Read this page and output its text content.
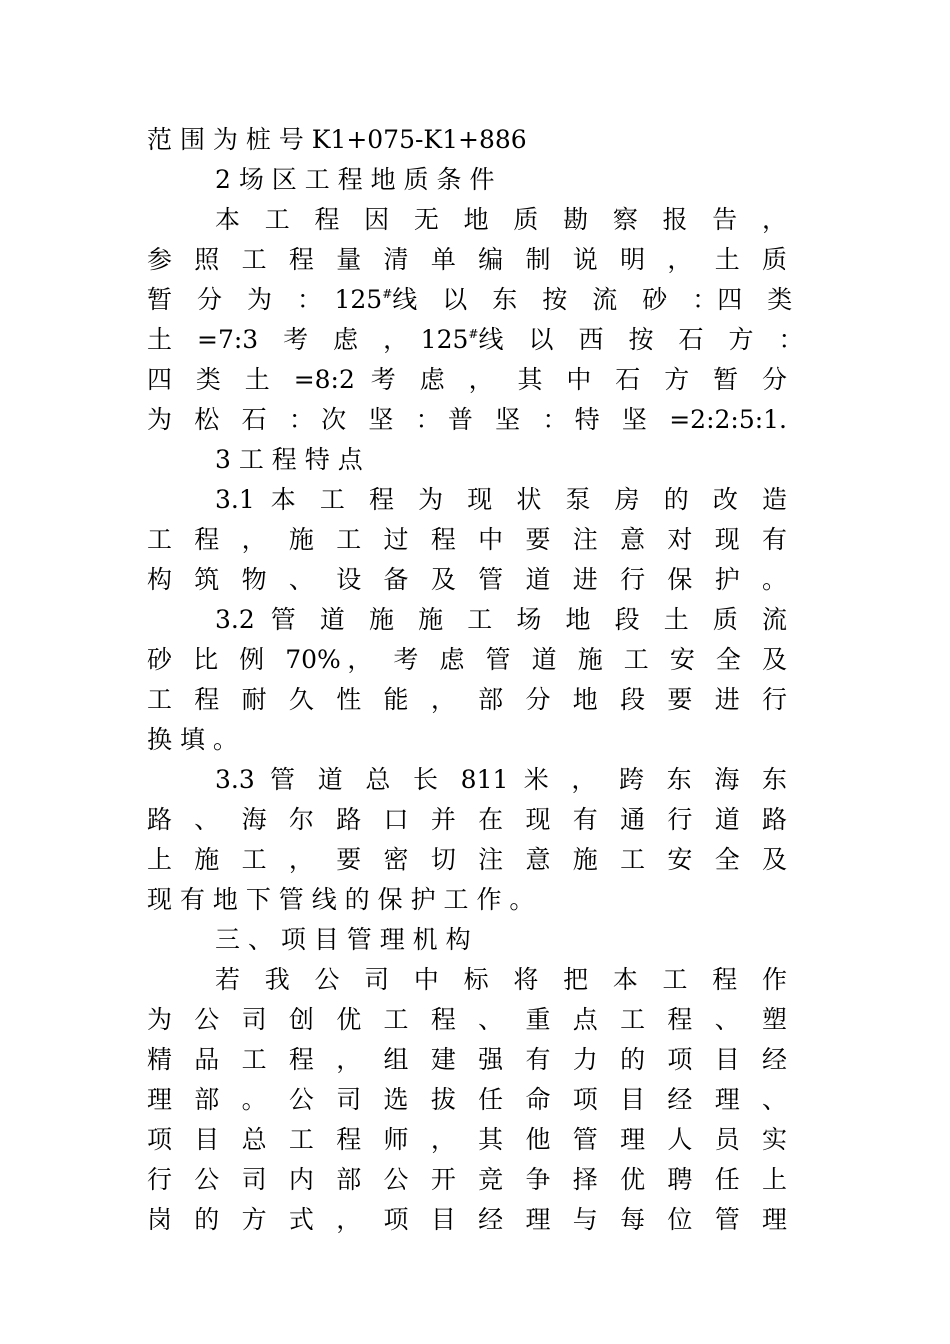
范 围 为 桩 号 K1+075-K1+886
2 场 区 工 程 地 质 条 件
本 工 程 因 无 地 质 勘 察 报 告 ，
参 照 工 程 量 清 单 编 制 说 明 ， 土 质
暂　分　为　：　125#线　以　东　按　流　砂　：四　类
土　=7:3　考　虑　，　125#线　以　西　按　石　方　：
四 类 土 =8:2 考 虑 ， 其 中 石 方 暂 分
为 松 石 ：次 坚 ：普 坚 ：特 坚 =2:2:5:1.
3 工 程 特 点
3.1 本 工 程 为 现 状 泵 房 的 改 造
工 程 ， 施 工 过 程 中 要 注 意 对 现 有
构 筑 物 、 设 备 及 管 道 进 行 保 护 。
3.2 管 道 施 施 工 场 地 段 土 质 流
砂 比 例 70%， 考 虑 管 道 施 工 安 全 及
工 程 耐 久 性 能 ， 部 分 地 段 要 进 行
换 填 。
3.3 管 道 总 长 811 米 ， 跨 东 海 东
路 、 海 尔 路 口 并 在 现 有 通 行 道 路
上 施 工 ， 要 密 切 注 意 施 工 安 全 及
现 有 地 下 管 线 的 保 护 工 作 。
三 、 项 目 管 理 机 构
若 我 公 司 中 标 将 把 本 工 程 作
为 公 司 创 优 工 程 、 重 点 工 程 、 塑
精 品 工 程 ， 组 建 强 有 力 的 项 目 经
理 部 。 公 司 选 拔 任 命 项 目 经 理 、
项 目 总 工 程 师 ， 其 他 管 理 人 员 实
行 公 司 内 部 公 开 竞 争 择 优 聘 任 上
岗 的 方 式 ， 项 目 经 理 与 每 位 管 理
